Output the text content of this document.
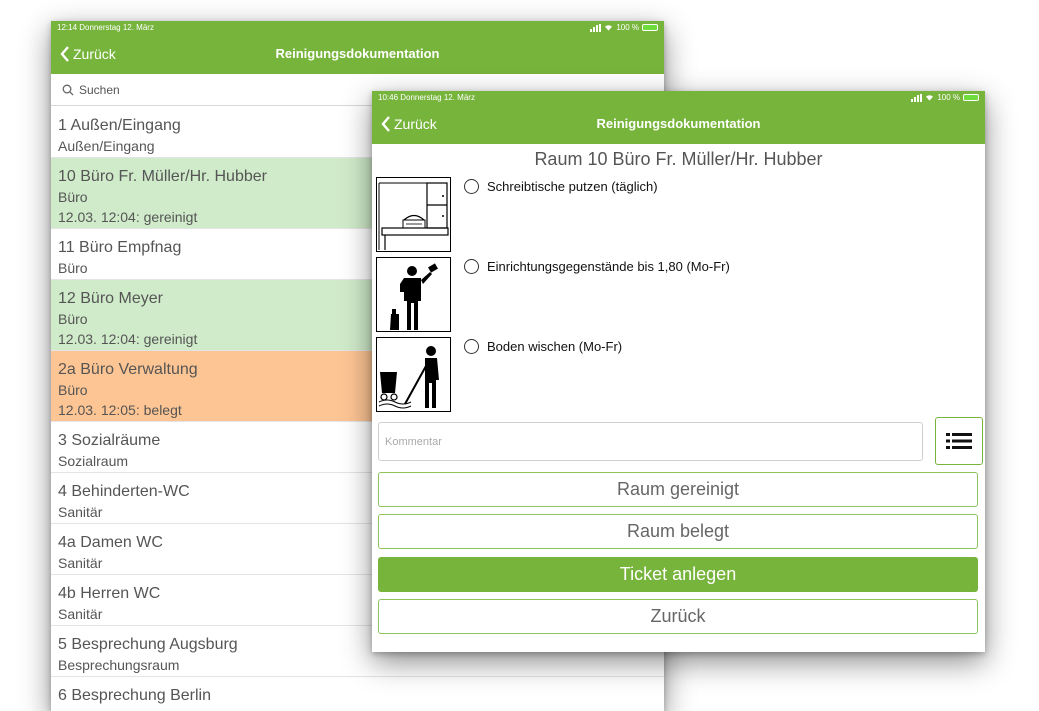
12:14 Donnerstag 12. März	100 %
Zurück	Reinigungsdokumentation
Suchen
1 Außen/Eingang
Außen/Eingang
10 Büro Fr. Müller/Hr. Hubber
Büro
12.03. 12:04: gereinigt
11 Büro Empfnag
Büro
12 Büro Meyer
Büro
12.03. 12:04: gereinigt
2a Büro Verwaltung
Büro
12.03. 12:05: belegt
3 Sozialräume
Sozialraum
4 Behinderten-WC
Sanitär
4a Damen WC
Sanitär
4b Herren WC
Sanitär
5 Besprechung Augsburg
Besprechungsraum
6 Besprechung Berlin
10:46 Donnerstag 12. März	100 %
Zurück	Reinigungsdokumentation
Raum 10 Büro Fr. Müller/Hr. Hubber
Schreibtische putzen (täglich)
Einrichtungsgegenstände bis 1,80 (Mo-Fr)
Boden wischen (Mo-Fr)
Kommentar
Raum gereinigt
Raum belegt
Ticket anlegen
Zurück
